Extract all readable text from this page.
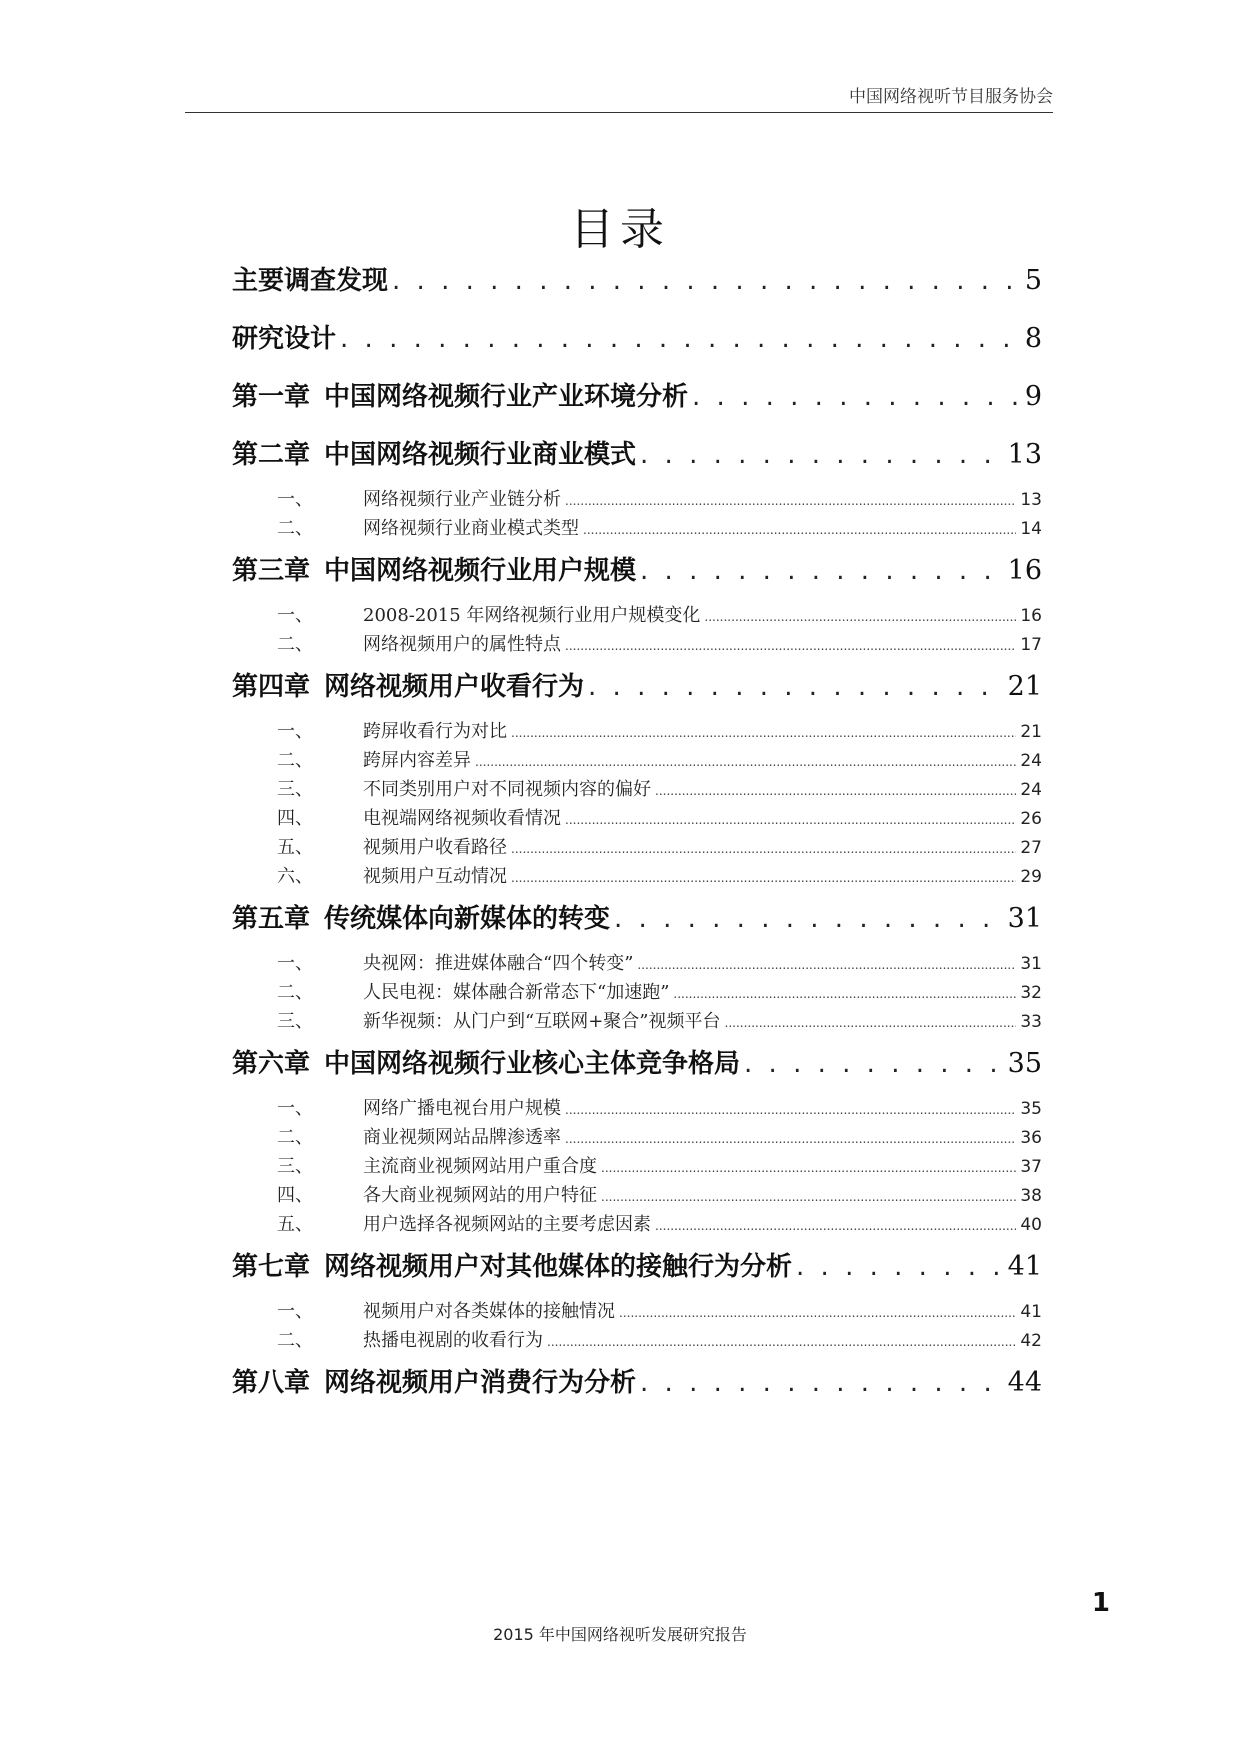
中国网络视听节目服务协会
目录
主要调查发现 . . .	5
研究设计 . . .	8
第一章 中国网络视频行业产业环境分析 . . .	9
第二章 中国网络视频行业商业模式 . . .	13
一、	网络视频行业产业链分析 .....	13
二、	网络视频行业商业模式类型 .....	14
第三章 中国网络视频行业用户规模 . . .	16
一、	2008-2015 年网络视频行业用户规模变化 .....	16
二、	网络视频用户的属性特点 .....	17
第四章 网络视频用户收看行为 . . .	21
一、	跨屏收看行为对比 .....	21
二、	跨屏内容差异 .....	24
三、	不同类别用户对不同视频内容的偏好 .....	24
四、	电视端网络视频收看情况 .....	26
五、	视频用户收看路径 .....	27
六、	视频用户互动情况 .....	29
第五章 传统媒体向新媒体的转变 . . .	31
一、	央视网：推进媒体融合“四个转变” .....	31
二、	人民电视：媒体融合新常态下“加速跑” .....	32
三、	新华视频：从门户到“互联网+聚合”视频平台 .....	33
第六章 中国网络视频行业核心主体竞争格局 . . .	35
一、	网络广播电视台用户规模 .....	35
二、	商业视频网站品牌渗透率 .....	36
三、	主流商业视频网站用户重合度 .....	37
四、	各大商业视频网站的用户特征 .....	38
五、	用户选择各视频网站的主要考虑因素 .....	40
第七章 网络视频用户对其他媒体的接触行为分析 . . .	41
一、	视频用户对各类媒体的接触情况 .....	41
二、	热播电视剧的收看行为 .....	42
第八章 网络视频用户消费行为分析 . . .	44
1
2015 年中国网络视听发展研究报告
